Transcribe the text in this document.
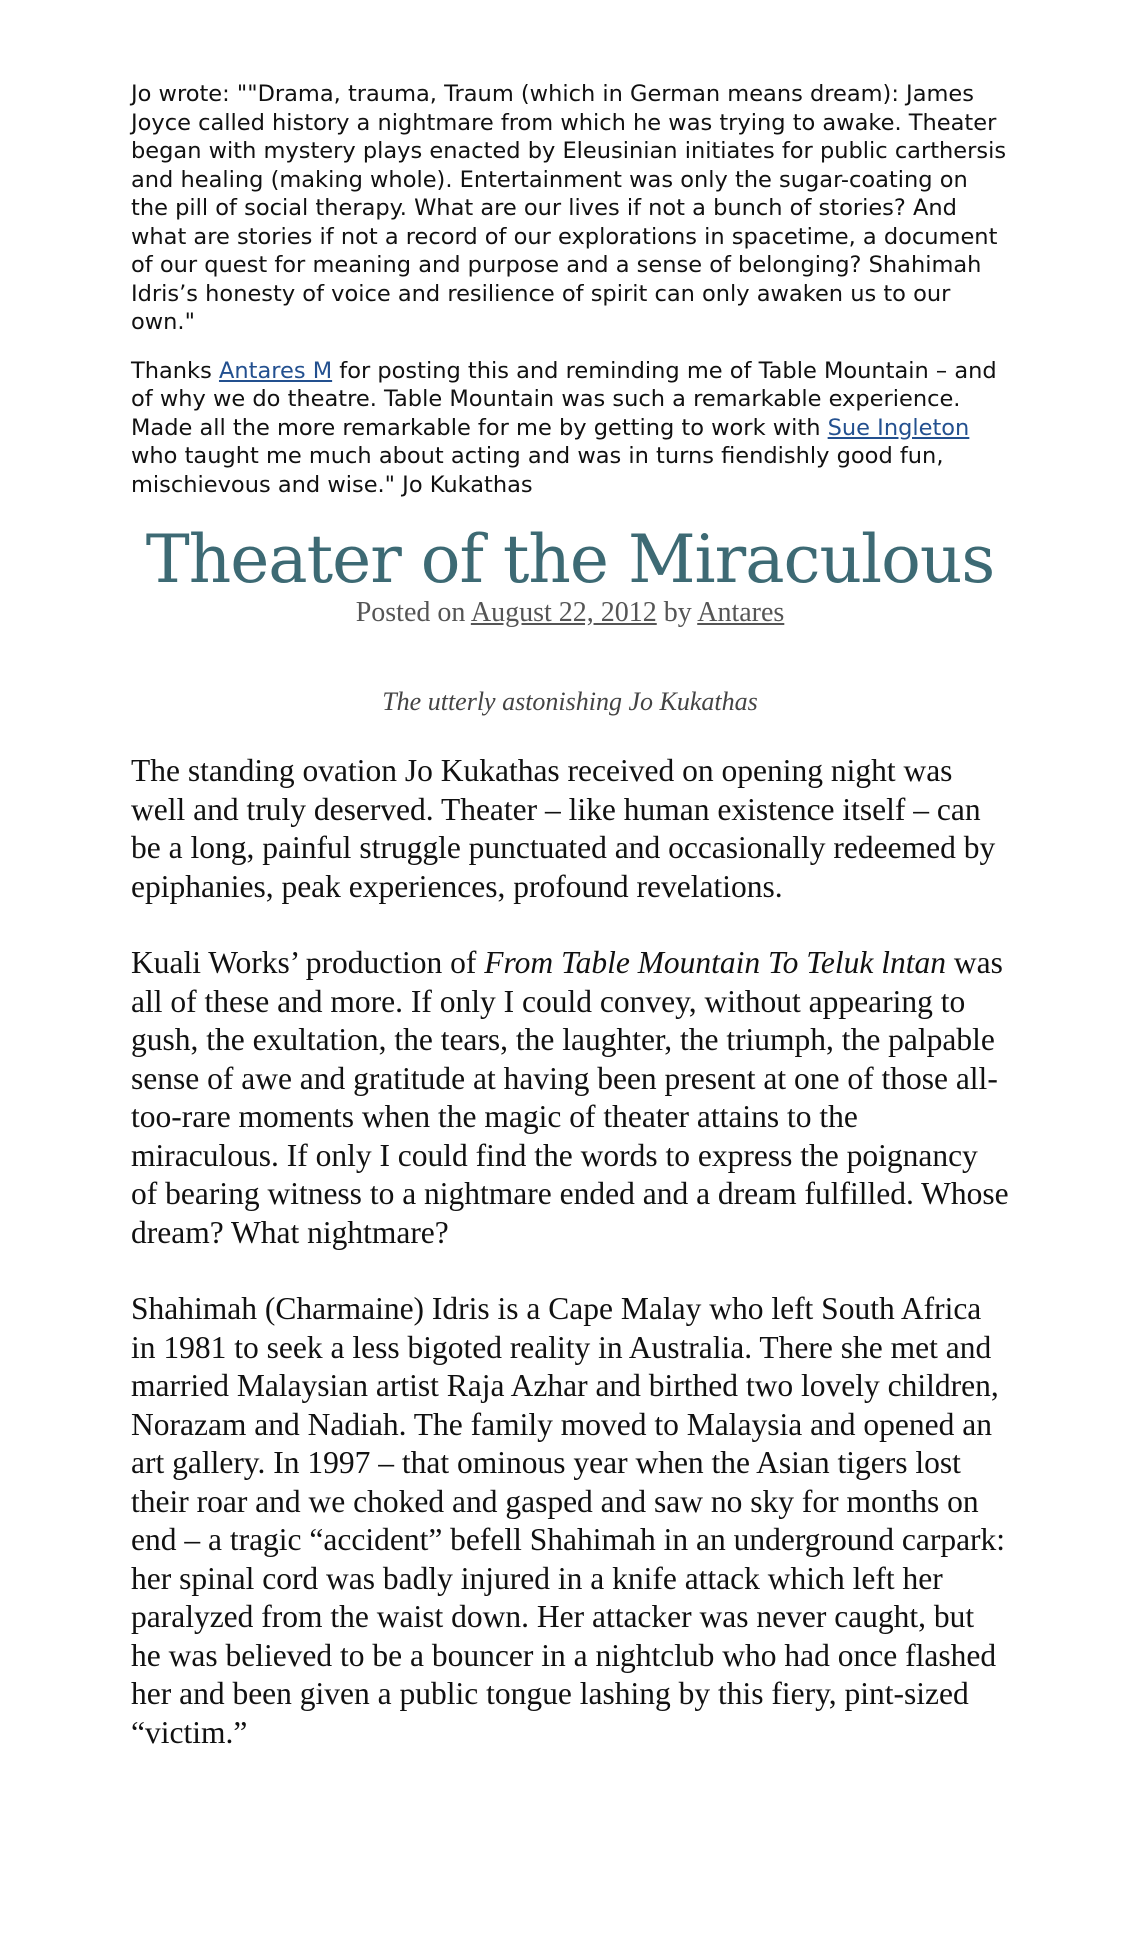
Jo wrote: ""Drama, trauma, Traum (which in German means dream): James Joyce called history a nightmare from which he was trying to awake. Theater began with mystery plays enacted by Eleusinian initiates for public carthersis and healing (making whole). Entertainment was only the sugar-coating on the pill of social therapy. What are our lives if not a bunch of stories? And what are stories if not a record of our explorations in spacetime, a document of our quest for meaning and purpose and a sense of belonging? Shahimah Idris’s honesty of voice and resilience of spirit can only awaken us to our own."

Thanks Antares M for posting this and reminding me of Table Mountain – and of why we do theatre. Table Mountain was such a remarkable experience. Made all the more remarkable for me by getting to work with Sue Ingleton who taught me much about acting and was in turns fiendishly good fun, mischievous and wise." Jo Kukathas

Theater of the Miraculous
Posted on August 22, 2012 by Antares
The utterly astonishing Jo Kukathas

The standing ovation Jo Kukathas received on opening night was well and truly deserved. Theater – like human existence itself – can be a long, painful struggle punctuated and occasionally redeemed by epiphanies, peak experiences, profound revelations.

Kuali Works’ production of From Table Mountain To Teluk lntan was all of these and more. If only I could convey, without appearing to gush, the exultation, the tears, the laughter, the triumph, the palpable sense of awe and gratitude at having been present at one of those all-too-rare moments when the magic of theater attains to the miraculous. If only I could find the words to express the poignancy of bearing witness to a nightmare ended and a dream fulfilled. Whose dream? What nightmare?

Shahimah (Charmaine) Idris is a Cape Malay who left South Africa in 1981 to seek a less bigoted reality in Australia. There she met and married Malaysian artist Raja Azhar and birthed two lovely children, Norazam and Nadiah. The family moved to Malaysia and opened an art gallery. In 1997 – that ominous year when the Asian tigers lost their roar and we choked and gasped and saw no sky for months on end – a tragic “accident” befell Shahimah in an underground carpark: her spinal cord was badly injured in a knife attack which left her paralyzed from the waist down. Her attacker was never caught, but he was believed to be a bouncer in a nightclub who had once flashed her and been given a public tongue lashing by this fiery, pint-sized “victim.”
